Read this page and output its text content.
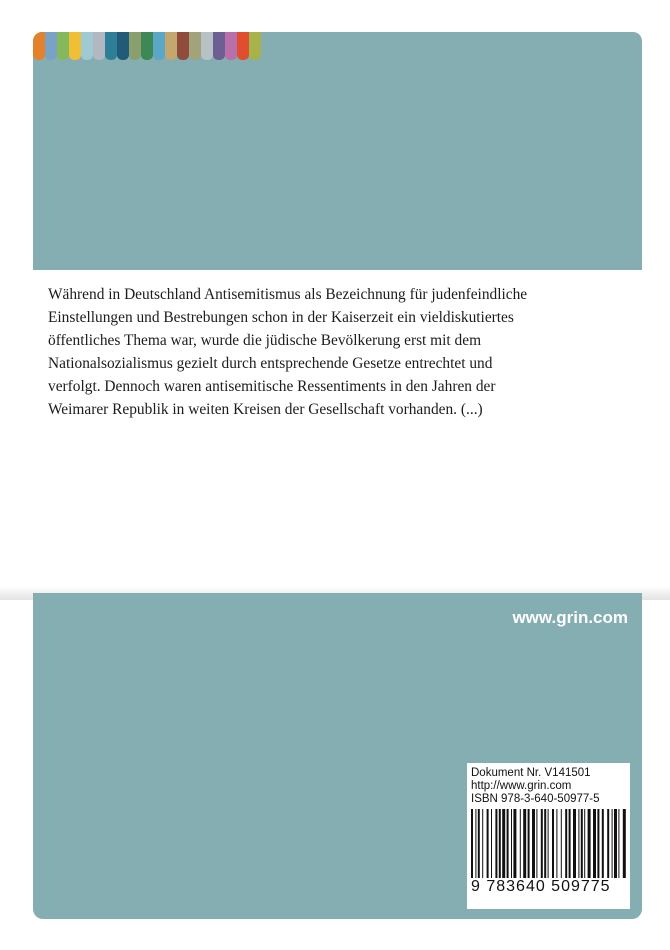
Während in Deutschland Antisemitismus als Bezeichnung für judenfeindliche

Einstellungen und Bestrebungen schon in der Kaiserzeit ein vieldiskutiertes

öffentliches Thema war, wurde die jüdische Bevölkerung erst mit dem

Nationalsozialismus gezielt durch entsprechende Gesetze entrechtet und

verfolgt. Dennoch waren antisemitische Ressentiments in den Jahren der

Weimarer Republik in weiten Kreisen der Gesellschaft vorhanden. (...)

www.grin.com
Dokument Nr. V141501
http://www.grin.com
ISBN 978-3-640-50977-5
9 783640 509775
